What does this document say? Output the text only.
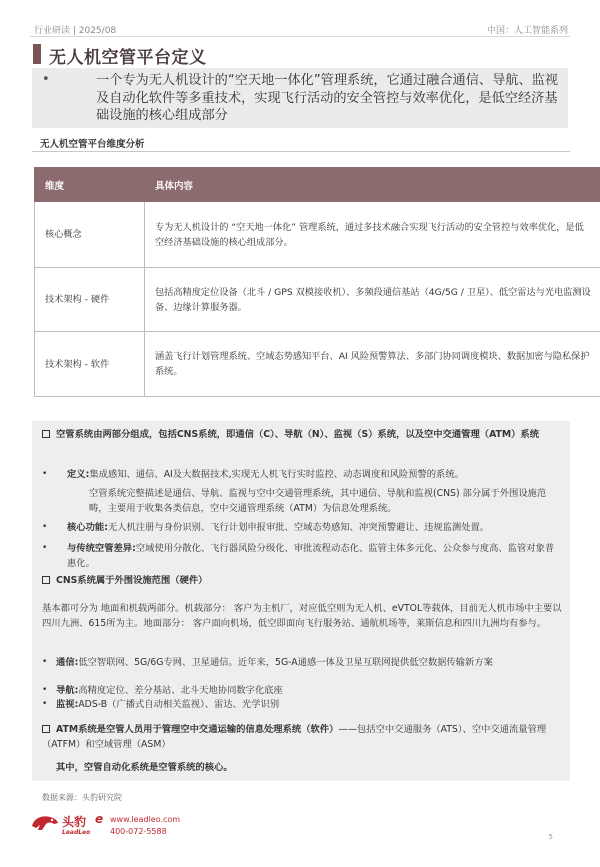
行业研读 | 2025/08	中国：人工智能系列
无人机空管平台定义
•	一个专为无人机设计的“空天地一体化”管理系统，它通过融合通信、导航、监视及自动化软件等多重技术，实现飞行活动的安全管控与效率优化，是低空经济基础设施的核心组成部分
无人机空管平台维度分析
维度	具体内容
核心概念	专为无人机设计的 “空天地一体化” 管理系统，通过多技术融合实现飞行活动的安全管控与效率优化，是低空经济基础设施的核心组成部分。
技术架构 - 硬件	包括高精度定位设备（北斗 / GPS 双模接收机）、多频段通信基站（4G/5G / 卫星）、低空雷达与光电监测设备、边缘计算服务器。
技术架构 - 软件	涵盖飞行计划管理系统、空域态势感知平台、AI 风险预警算法、多部门协同调度模块、数据加密与隐私保护系统。
空管系统由两部分组成，包括CNS系统，即通信（C）、导航（N）、监视（S）系统，以及空中交通管理（ATM）系统
• 定义:集成感知、通信、AI及大数据技术,实现无人机飞行实时监控、动态调度和风险预警的系统。
空管系统完整描述是通信、导航、监视与空中交通管理系统，其中通信、导航和监视(CNS) 部分属于外围设施范畴，主要用于收集各类信息，空中交通管理系统（ATM）为信息处理系统。
• 核心功能:无人机注册与身份识别、飞行计划申报审批、空域态势感知、冲突预警避让、违规监测处置。
• 与传统空管差异:空域使用分散化、飞行器风险分级化、审批流程动态化、监管主体多元化、公众参与度高、监管对象普惠化。
CNS系统属于外围设施范围（硬件）
基本都可分为 地面和机载两部分。机载部分： 客户为主机厂，对应低空则为无人机、eVTOL等载体，目前无人机市场中主要以四川九洲、615所为主。地面部分： 客户面向机场，低空即面向飞行服务站、通航机场等，莱斯信息和四川九洲均有参与。
• 通信:低空智联网、5G/6G专网、卫星通信。近年来，5G-A通感一体及卫星互联网提供低空数据传输新方案
• 导航:高精度定位、差分基站、北斗天地协同数字化底座
• 监视:ADS-B（广播式自动相关监视）、雷达、光学识别
ATM系统是空管人员用于管理空中交通运输的信息处理系统（软件）——包括空中交通服务（ATS）、空中交通流量管理（ATFM）和空域管理（ASM）
其中，空管自动化系统是空管系统的核心。
数据来源：头豹研究院
头豹
LeadLeo
e www.leadleo.com
400-072-5588
5
